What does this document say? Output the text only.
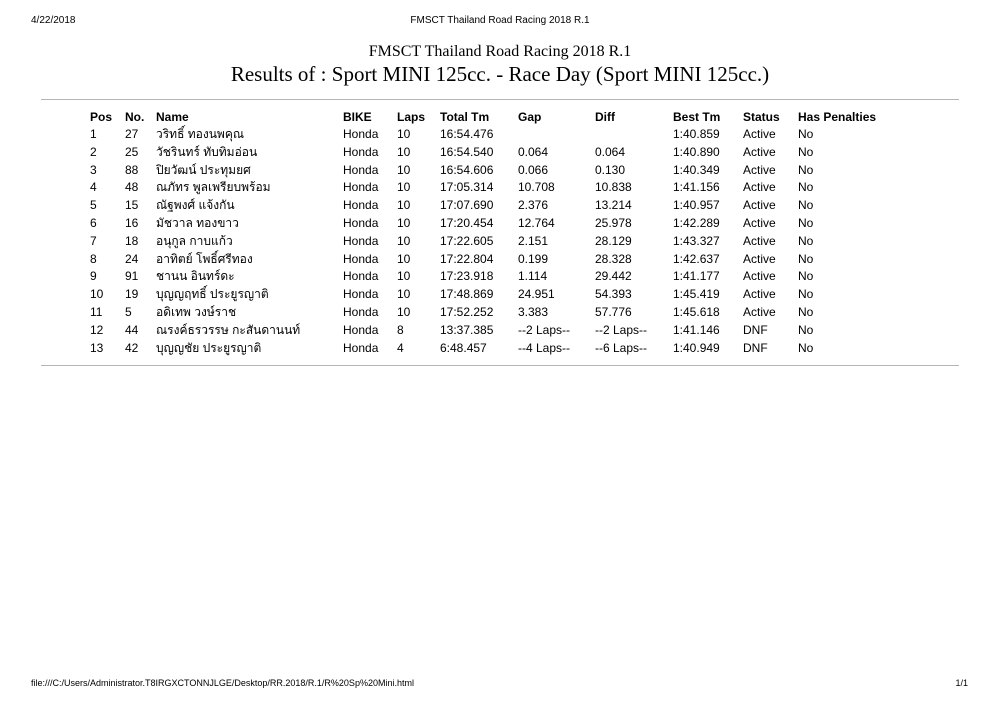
4/22/2018	FMSCT Thailand Road Racing 2018 R.1
FMSCT Thailand Road Racing 2018 R.1
Results of : Sport MINI 125cc. - Race Day (Sport MINI 125cc.)
Pos	No.	Name	BIKE	Laps	Total Tm	Gap	Diff	Best Tm	Status	Has Penalties
1	27	วริทธิ์ ทองนพคุณ	Honda	10	16:54.476			1:40.859	Active	No
2	25	วัชรินทร์ ทับทิมอ่อน	Honda	10	16:54.540	0.064	0.064	1:40.890	Active	No
3	88	ปิยวัฒน์ ประทุมยศ	Honda	10	16:54.606	0.066	0.130	1:40.349	Active	No
4	48	ณภัทร พูลเพรียบพร้อม	Honda	10	17:05.314	10.708	10.838	1:41.156	Active	No
5	15	ณัฐพงศ์ แจ้งกัน	Honda	10	17:07.690	2.376	13.214	1:40.957	Active	No
6	16	มัชวาล ทองขาว	Honda	10	17:20.454	12.764	25.978	1:42.289	Active	No
7	18	อนุกูล กาบแก้ว	Honda	10	17:22.605	2.151	28.129	1:43.327	Active	No
8	24	อาทิตย์ โพธิ์ศรีทอง	Honda	10	17:22.804	0.199	28.328	1:42.637	Active	No
9	91	ชานน อินทร์ดะ	Honda	10	17:23.918	1.114	29.442	1:41.177	Active	No
10	19	บุญญฤทธิ์ ประยูรญาติ	Honda	10	17:48.869	24.951	54.393	1:45.419	Active	No
11	5	อดิเทพ วงษ์ราช	Honda	10	17:52.252	3.383	57.776	1:45.618	Active	No
12	44	ณรงค์ธรวรรษ กะสันดานนท์	Honda	8	13:37.385	--2 Laps--	--2 Laps--	1:41.146	DNF	No
13	42	บุญญชัย ประยูรญาติ	Honda	4	6:48.457	--4 Laps--	--6 Laps--	1:40.949	DNF	No
file:///C:/Users/Administrator.T8IRGXCTONNJLGE/Desktop/RR.2018/R.1/R%20Sp%20Mini.html	1/1
